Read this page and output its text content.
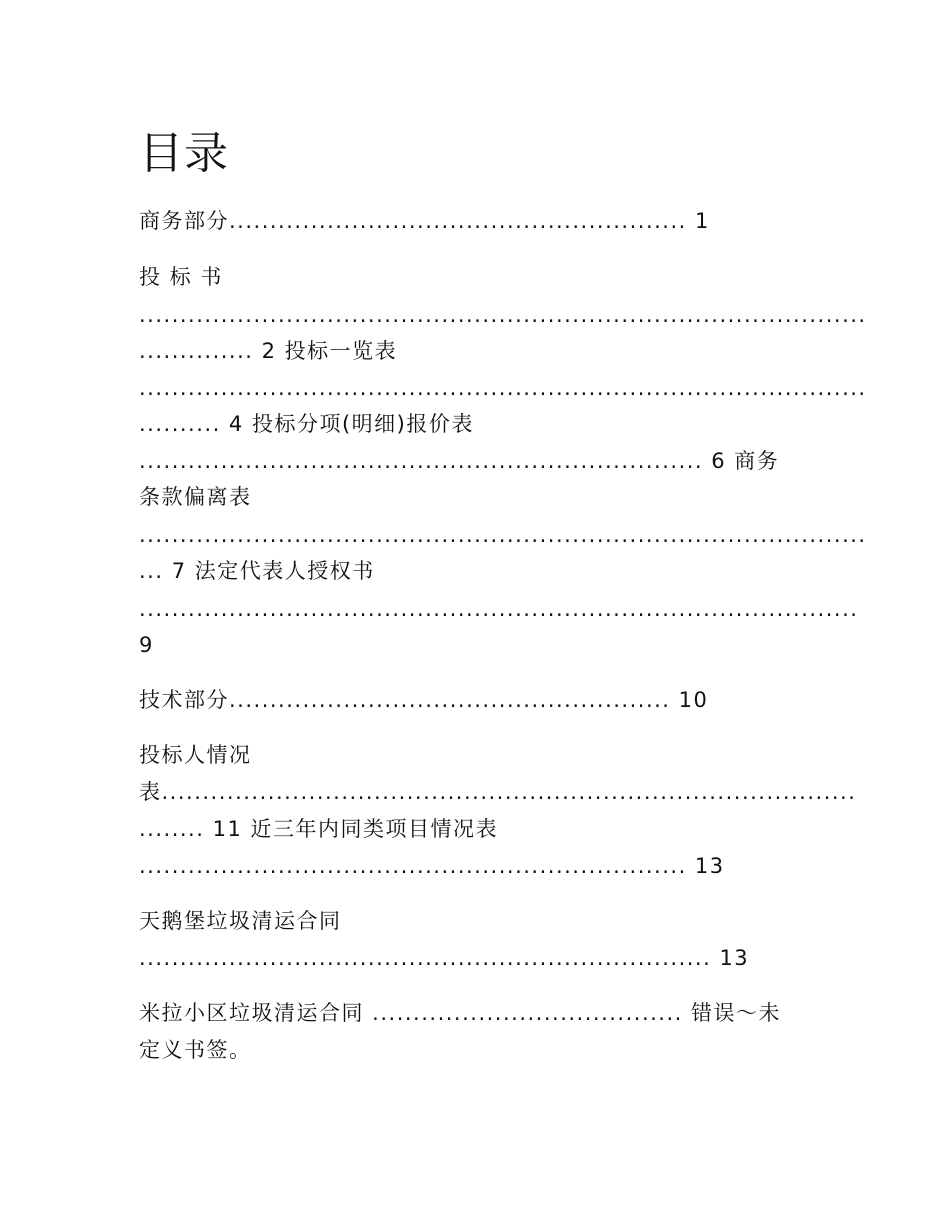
目录
商务部分........................................................ 1
投 标 书
.........................................................................................
.............. 2 投标一览表
.........................................................................................
.......... 4 投标分项(明细)报价表
..................................................................... 6 商务
条款偏离表
.........................................................................................
... 7 法定代表人授权书
........................................................................................
9
技术部分...................................................... 10
投标人情况
表.....................................................................................
........ 11 近三年内同类项目情况表
................................................................... 13
天鹅堡垃圾清运合同
...................................................................... 13
米拉小区垃圾清运合同 ...................................... 错误～未
定义书签。
